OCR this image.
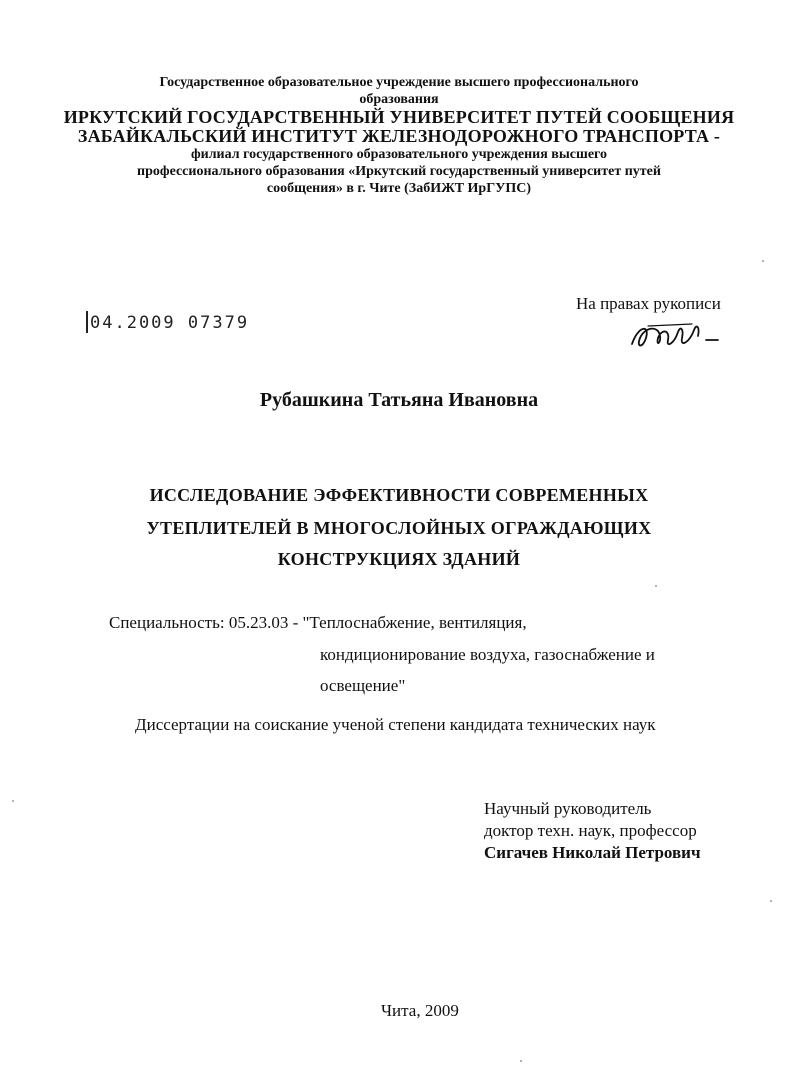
Государственное образовательное учреждение высшего профессионального
образования
ИРКУТСКИЙ ГОСУДАРСТВЕННЫЙ УНИВЕРСИТЕТ ПУТЕЙ СООБЩЕНИЯ
ЗАБАЙКАЛЬСКИЙ ИНСТИТУТ ЖЕЛЕЗНОДОРОЖНОГО ТРАНСПОРТА -
филиал государственного образовательного учреждения высшего
профессионального образования «Иркутский государственный университет путей
сообщения» в г. Чите (ЗабИЖТ ИрГУПС)
04.2009 07379
На правах рукописи
Рубашкина Татьяна Ивановна
ИССЛЕДОВАНИЕ ЭФФЕКТИВНОСТИ СОВРЕМЕННЫХ
УТЕПЛИТЕЛЕЙ В МНОГОСЛОЙНЫХ ОГРАЖДАЮЩИХ
КОНСТРУКЦИЯХ ЗДАНИЙ
Специальность: 05.23.03 - "Теплоснабжение, вентиляция,
кондиционирование воздуха, газоснабжение и
освещение"
Диссертации на соискание ученой степени кандидата технических наук
Научный руководитель
доктор техн. наук, профессор
Сигачев Николай Петрович
Чита, 2009
